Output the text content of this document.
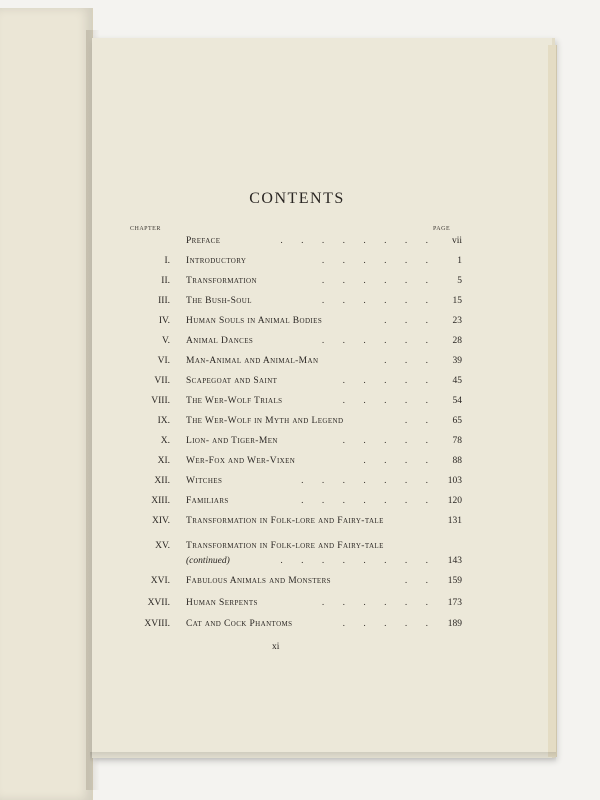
CONTENTS
CHAPTER	PAGE
Preface	. . . . . . . . vii
I. Introductory	. . . . . . 1
II. Transformation	. . . . . . 5
III. The Bush-Soul	. . . . . . 15
IV. Human Souls in Animal Bodies	. . . 23
V. Animal Dances	. . . . . . 28
VI. Man-Animal and Animal-Man	. . . 39
VII. Scapegoat and Saint	. . . . . 45
VIII. The Wer-Wolf Trials	. . . . . 54
IX. The Wer-Wolf in Myth and Legend	. . 65
X. Lion- and Tiger-Men	. . . . . 78
XI. Wer-Fox and Wer-Vixen	. . . . 88
XII. Witches	. . . . . . . 103
XIII. Familiars	. . . . . . . 120
XIV. Transformation in Folk-lore and Fairy-tale	131
XV. Transformation in Folk-lore and Fairy-tale
(continued)	. . . . . . . . 143
XVI. Fabulous Animals and Monsters	. . 159
XVII. Human Serpents	. . . . . . 173
XVIII. Cat and Cock Phantoms	. . . . . 189
xi
